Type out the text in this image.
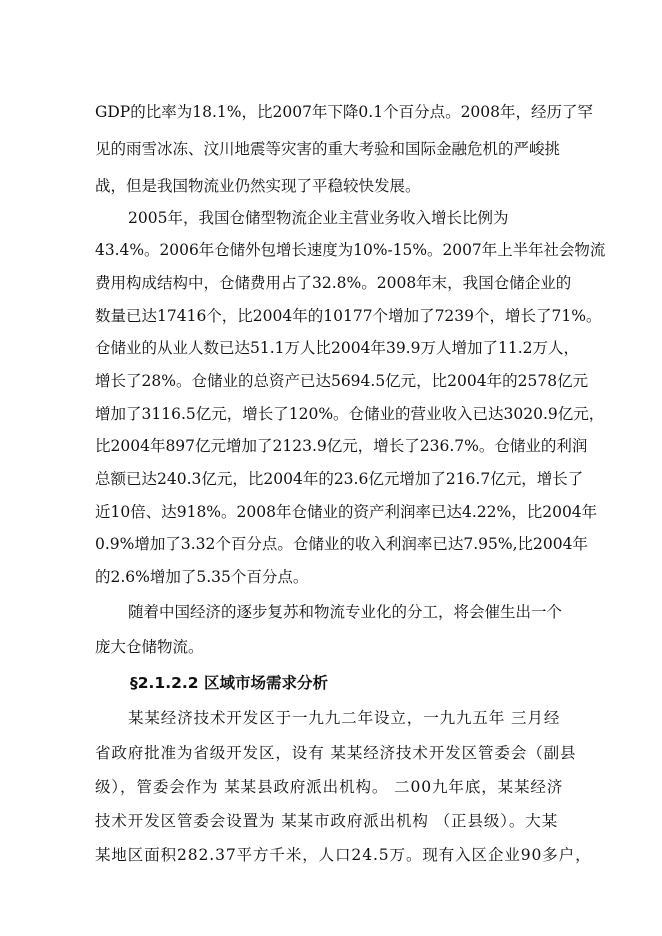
GDP的比率为18.1%，比2007年下降0.1个百分点。2008年，经历了罕
见的雨雪冰冻、汶川地震等灾害的重大考验和国际金融危机的严峻挑
战，但是我国物流业仍然实现了平稳较快发展。
2005年，我国仓储型物流企业主营业务收入增长比例为
43.4%。2006年仓储外包增长速度为10%-15%。2007年上半年社会物流
费用构成结构中，仓储费用占了32.8%。2008年末，我国仓储企业的
数量已达17416个，比2004年的10177个增加了7239个，增长了71%。
仓储业的从业人数已达51.1万人比2004年39.9万人增加了11.2万人，
增长了28%。仓储业的总资产已达5694.5亿元，比2004年的2578亿元
增加了3116.5亿元，增长了120%。仓储业的营业收入已达3020.9亿元，
比2004年897亿元增加了2123.9亿元，增长了236.7%。仓储业的利润
总额已达240.3亿元，比2004年的23.6亿元增加了216.7亿元，增长了
近10倍、达918%。2008年仓储业的资产利润率已达4.22%，比2004年
0.9%增加了3.32个百分点。仓储业的收入利润率已达7.95%,比2004年
的2.6%增加了5.35个百分点。
随着中国经济的逐步复苏和物流专业化的分工，将会催生出一个
庞大仓储物流。
§2.1.2.2 区域市场需求分析
某某经济技术开发区于一九九二年设立，一九九五年 三月经
省政府批准为省级开发区，设有 某某经济技术开发区管委会（副县
级），管委会作为 某某县政府派出机构。 二00九年底，某某经济
技术开发区管委会设置为 某某市政府派出机构 （正县级）。大某
某地区面积282.37平方千米，人口24.5万。现有入区企业90多户，
